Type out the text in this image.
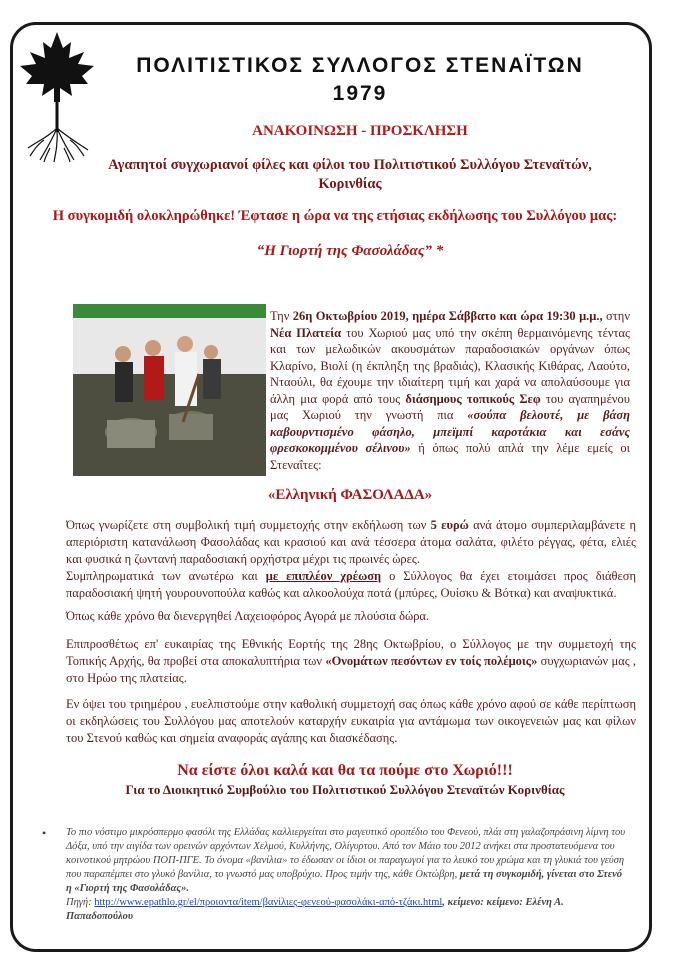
ΠΟΛΙΤΙΣΤΙΚΟΣ ΣΥΛΛΟΓΟΣ ΣΤΕΝΑΪΤΩΝ
1979

ΑΝΑΚΟΙΝΩΣΗ - ΠΡΟΣΚΛΗΣΗ

Αγαπητοί συγχωριανοί φίλες και φίλοι του Πολιτιστικού Συλλόγου Στεναϊτών,
Κορινθίας

Η συγκομιδή ολοκληρώθηκε! Έφτασε η ώρα να της ετήσιας εκδήλωσης του Συλλόγου μας:

“Η Γιορτή της Φασολάδας” *

Την 26η Οκτωβρίου 2019, ημέρα Σάββατο και ώρα 19:30 μ.μ., στην Νέα Πλατεία του Χωριού μας υπό την σκέπη θερμαινόμενης τέντας και των μελωδικών ακουσμάτων παραδοσιακών οργάνων όπως Κλαρίνο, Βιολί (η έκπληξη της βραδιάς), Κλασικής Κιθάρας, Λαούτο, Νταούλι, θα έχουμε την ιδιαίτερη τιμή και χαρά να απολαύσουμε για άλλη μια φορά από τους διάσημους τοπικούς Σεφ του αγαπημένου μας Χωριού την γνωστή πια «σούπα βελουτέ, με βάση καβουρντισμένο φάσηλο, μπεϊμπί καροτάκια και εσάνς φρεσκοκομμένου σέλινου» ή όπως πολύ απλά την λέμε εμείς οι Στεναΐτες:

«Ελληνική ΦΑΣΟΛΑΔΑ»

Όπως γνωρίζετε στη συμβολική τιμή συμμετοχής στην εκδήλωση των 5 ευρώ ανά άτομο συμπεριλαμβάνετε η απεριόριστη κατανάλωση Φασολάδας και κρασιού και ανά τέσσερα άτομα σαλάτα, φιλέτο ρέγγας, φέτα, ελιές και φυσικά η ζωντανή παραδοσιακή ορχήστρα μέχρι τις πρωινές ώρες.
Συμπληρωματικά των ανωτέρω και με επιπλέον χρέωση ο Σύλλογος θα έχει ετοιμάσει προς διάθεση παραδοσιακή ψητή γουρουνοπούλα καθώς και αλκοολούχα ποτά (μπύρες, Ουίσκυ & Βότκα) και αναψυκτικά.

Όπως κάθε χρόνο θα διενεργηθεί Λαχειοφόρος Αγορά με πλούσια δώρα.

Επιπροσθέτως επ' ευκαιρίας της Εθνικής Εορτής της 28ης Οκτωβρίου, ο Σύλλογος με την συμμετοχή της Τοπικής Αρχής, θα προβεί στα αποκαλυπτήρια των «Ονομάτων πεσόντων εν τοίς πολέμοις» συγχωριανών μας , στο Ηρώο της πλατείας.

Εν όψει του τριημέρου , ευελπιστούμε στην καθολική συμμετοχή σας όπως κάθε χρόνο αφού σε κάθε περίπτωση οι εκδηλώσεις του Συλλόγου μας αποτελούν καταρχήν ευκαιρία για αντάμωμα των οικογενειών μας και φίλων του Στενού καθώς και σημεία αναφοράς αγάπης και διασκέδασης.

Να είστε όλοι καλά και θα τα πούμε στο Χωριό!!!

Για το Διοικητικό Συμβούλιο του Πολιτιστικού Συλλόγου Στεναϊτών Κορινθίας

• Το πιο νόστιμο μικρόσπερμο φασόλι της Ελλάδας καλλιεργείται στο μαγευτικό οροπέδιο του Φενεού, πλάι στη γαλαζοπράσινη λίμνη του Δόξα, υπό την αιγίδα των ορεινών αρχόντων Χελμού, Κυλλήνης, Ολίγυρτου. Από τον Μάιο του 2012 ανήκει στα προστατευόμενα του κοινοτικού μητρώου ΠΟΠ-ΠΓΕ. Το όνομα «βανίλια» το έδωσαν οι ίδιοι οι παραγωγοί για το λευκό του χρώμα και τη γλυκιά του γεύση που παραπέμπει στο γλυκό βανίλια, το γνωστό μας υποβρύχιο. Προς τιμήν της, κάθε Οκτώβρη, μετά τη συγκομιδή, γίνεται στο Στενό η «Γιορτή της Φασολάδας».
Πηγή: http://www.epathlo.gr/el/προιοντα/item/βανίλιες-φενεού-φασολάκι-από-τζάκι.html, κείμενο: κείμενο: Ελένη Α. Παπαδοπούλου
